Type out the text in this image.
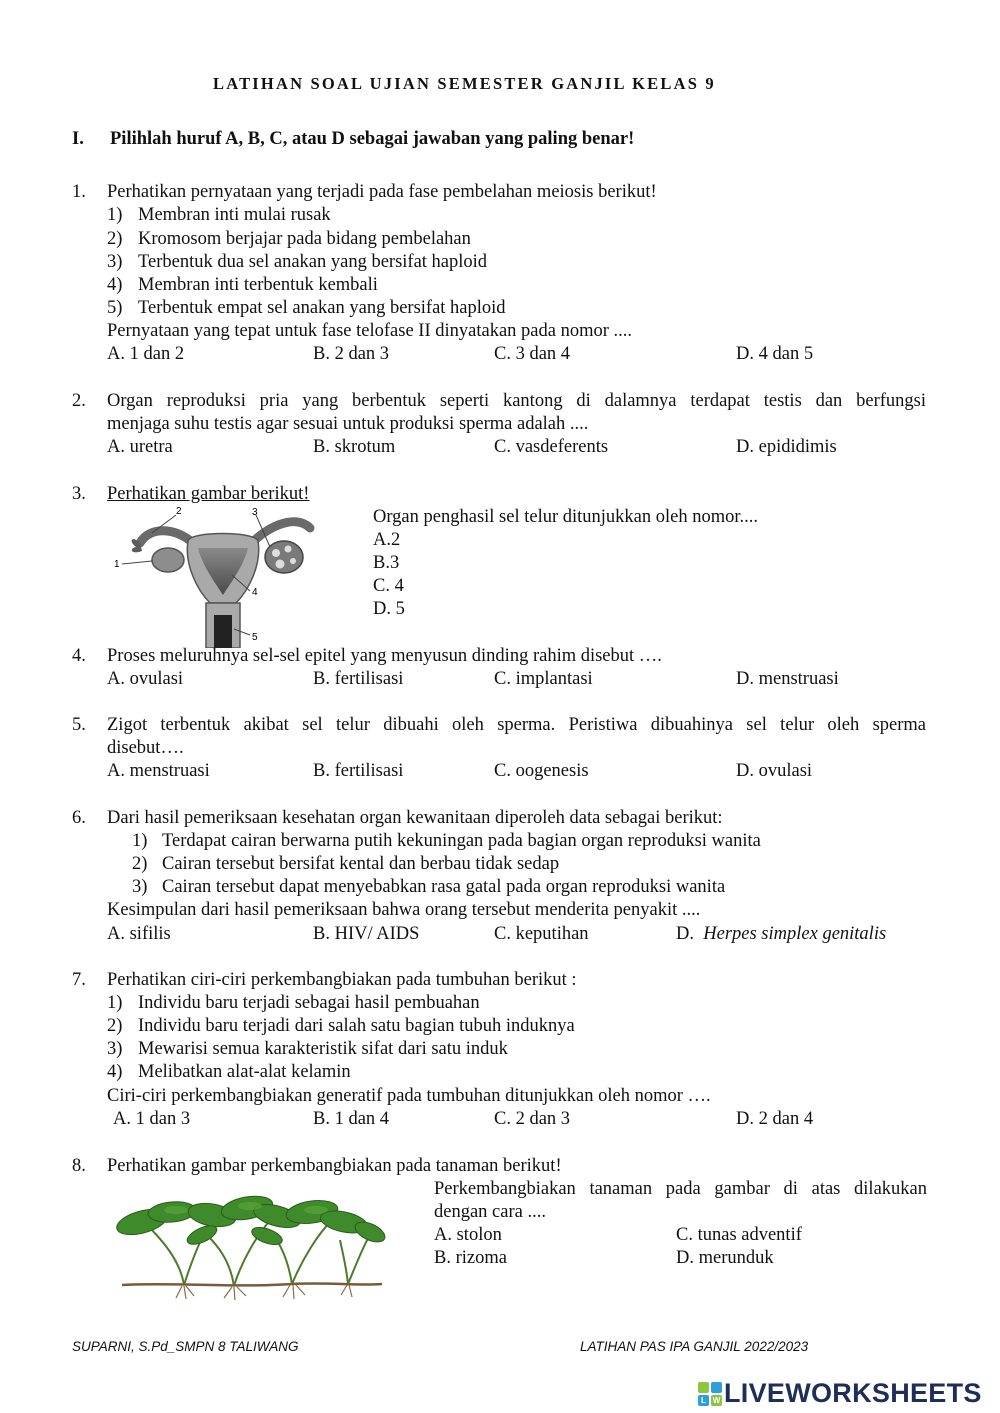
LATIHAN SOAL UJIAN SEMESTER GANJIL KELAS 9
I. Pilihlah huruf A, B, C, atau D sebagai jawaban yang paling benar!
1. Perhatikan pernyataan yang terjadi pada fase pembelahan meiosis berikut!
1) Membran inti mulai rusak
2) Kromosom berjajar pada bidang pembelahan
3) Terbentuk dua sel anakan yang bersifat haploid
4) Membran inti terbentuk kembali
5) Terbentuk empat sel anakan yang bersifat haploid
Pernyataan yang tepat untuk fase telofase II dinyatakan pada nomor ....
A. 1 dan 2	B. 2 dan 3	C. 3 dan 4	D. 4 dan 5
2. Organ reproduksi pria yang berbentuk seperti kantong di dalamnya terdapat testis dan berfungsi
menjaga suhu testis agar sesuai untuk produksi sperma adalah ....
A. uretra	B. skrotum	C. vasdeferents	D. epididimis
3. Perhatikan gambar berikut!
1
2	3
4
5
Organ penghasil sel telur ditunjukkan oleh nomor....
A.2
B.3
C. 4
D. 5
4. Proses meluruhnya sel-sel epitel yang menyusun dinding rahim disebut ….
A. ovulasi	B. fertilisasi	C. implantasi	D. menstruasi
5. Zigot terbentuk akibat sel telur dibuahi oleh sperma. Peristiwa dibuahinya sel telur oleh sperma
disebut….
A. menstruasi	B. fertilisasi	C. oogenesis	D. ovulasi
6. Dari hasil pemeriksaan kesehatan organ kewanitaan diperoleh data sebagai berikut:
1) Terdapat cairan berwarna putih kekuningan pada bagian organ reproduksi wanita
2) Cairan tersebut bersifat kental dan berbau tidak sedap
3) Cairan tersebut dapat menyebabkan rasa gatal pada organ reproduksi wanita
Kesimpulan dari hasil pemeriksaan bahwa orang tersebut menderita penyakit ....
A. sifilis	B. HIV/ AIDS	C. keputihan	D. Herpes simplex genitalis
7. Perhatikan ciri-ciri perkembangbiakan pada tumbuhan berikut :
1) Individu baru terjadi sebagai hasil pembuahan
2) Individu baru terjadi dari salah satu bagian tubuh induknya
3) Mewarisi semua karakteristik sifat dari satu induk
4) Melibatkan alat-alat kelamin
Ciri-ciri perkembangbiakan generatif pada tumbuhan ditunjukkan oleh nomor ….
A. 1 dan 3	B. 1 dan 4	C. 2 dan 3	D. 2 dan 4
8. Perhatikan gambar perkembangbiakan pada tanaman berikut!
Perkembangbiakan tanaman pada gambar di atas dilakukan
dengan cara ....
A. stolon	C. tunas adventif
B. rizoma	D. merunduk
SUPARNI, S.Pd_SMPN 8 TALIWANG	LATIHAN PAS IPA GANJIL 2022/2023
L W LIVEWORKSHEETS
